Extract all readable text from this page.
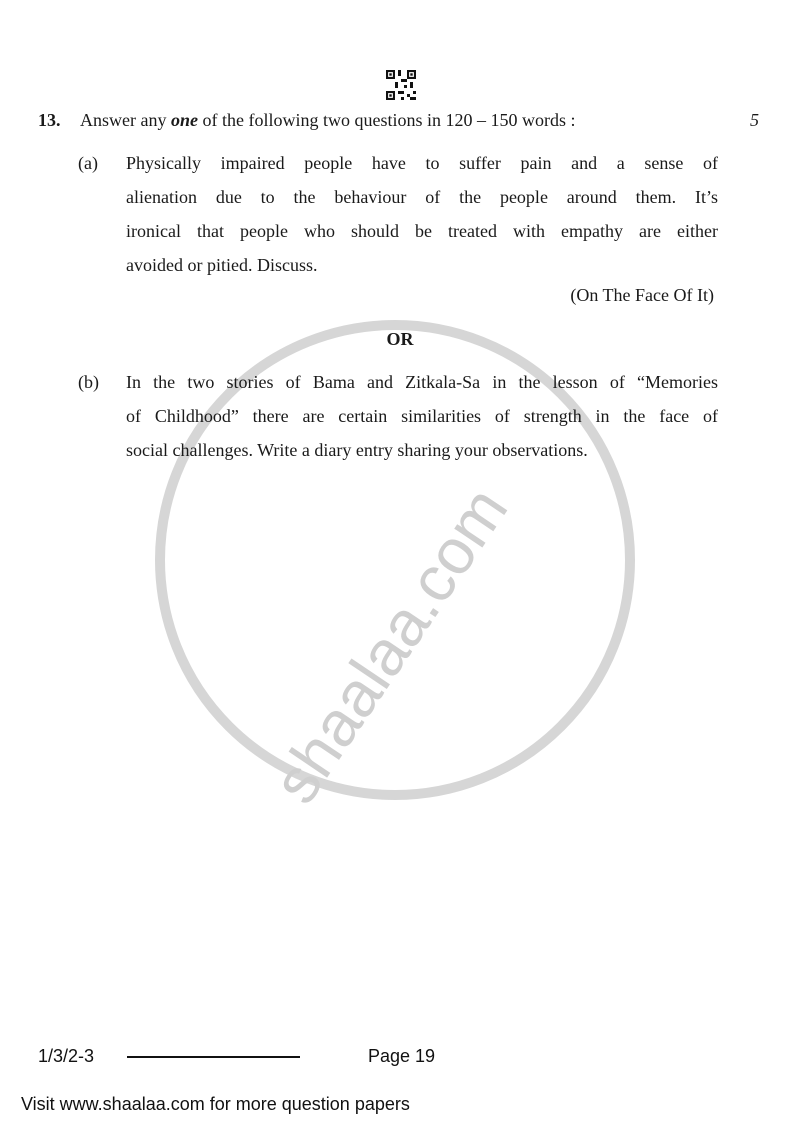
shaalaa.com
13. Answer any one of the following two questions in 120 – 150 words :	5
(a) Physically impaired people have to suffer pain and a sense of
alienation due to the behaviour of the people around them. It’s
ironical that people who should be treated with empathy are either
avoided or pitied. Discuss.
(On The Face Of It)
OR
(b) In the two stories of Bama and Zitkala-Sa in the lesson of “Memories
of Childhood” there are certain similarities of strength in the face of
social challenges. Write a diary entry sharing your observations.
1/3/2-3	Page 19
Visit www.shaalaa.com for more question papers
